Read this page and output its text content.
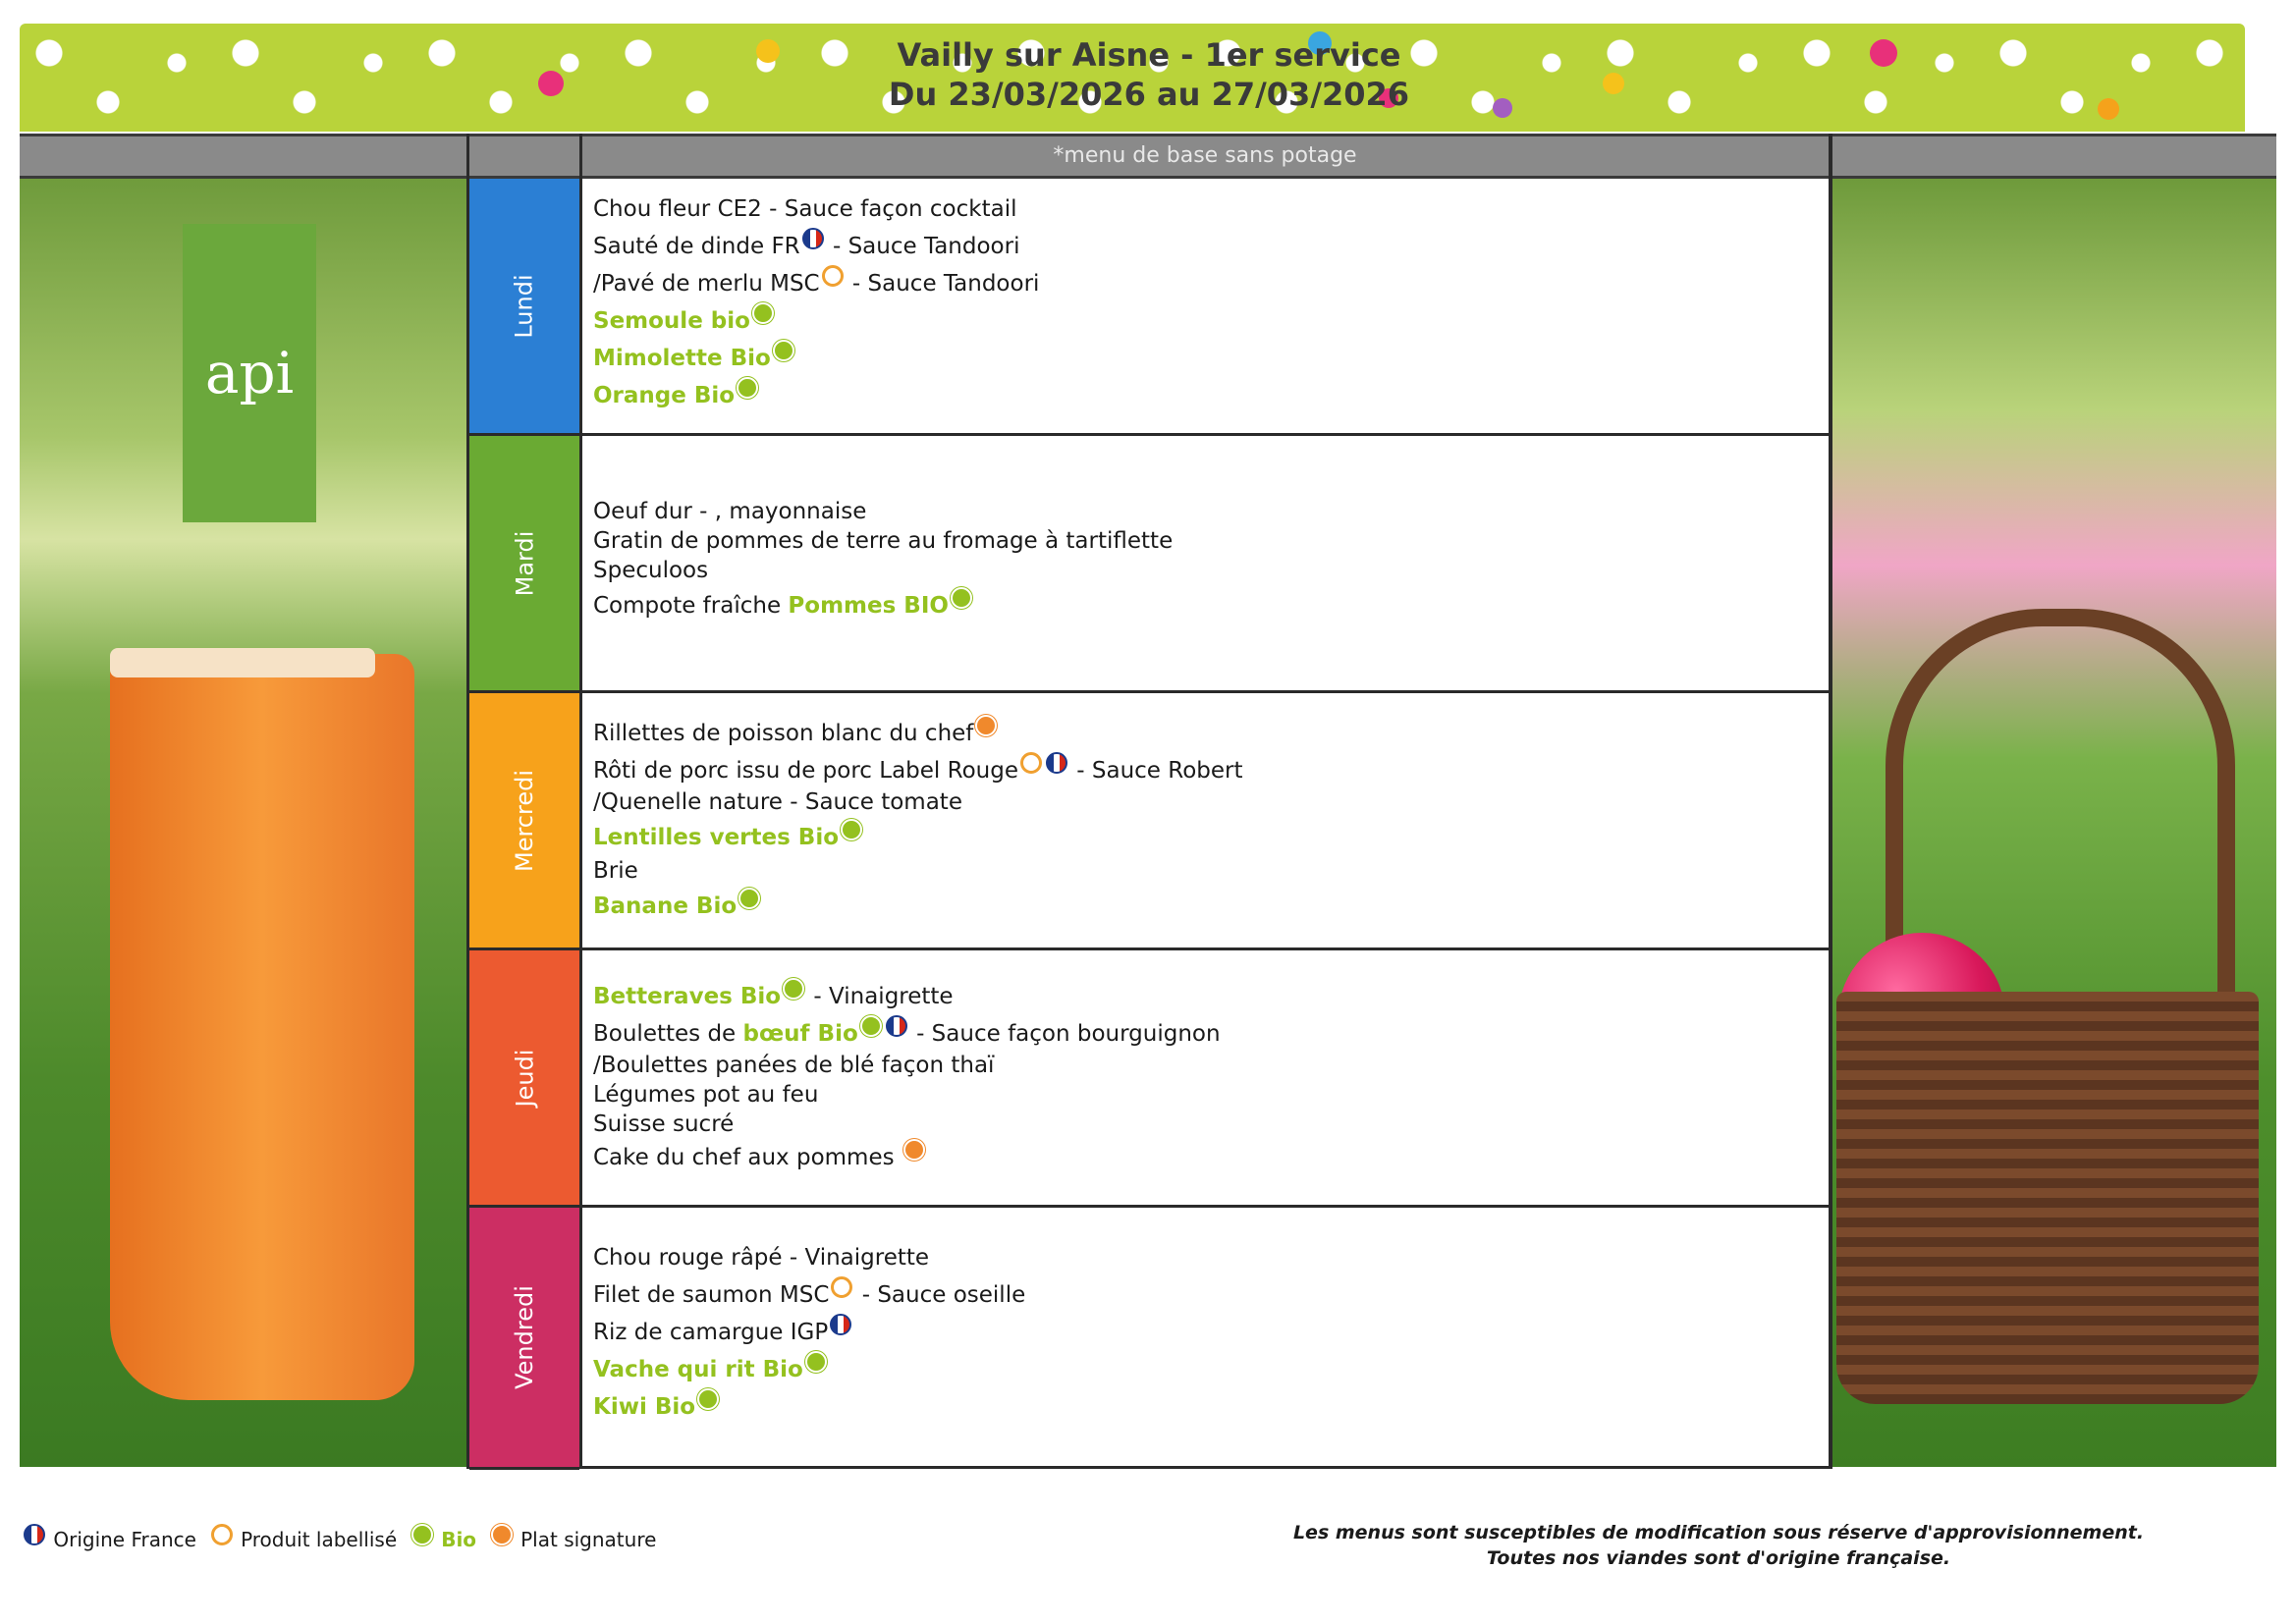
Vailly sur Aisne - 1er service
Du 23/03/2026 au 27/03/2026
*menu de base sans potage
api
Lundi
Mardi
Mercredi
Jeudi
Vendredi
Chou fleur CE2 - Sauce façon cocktail
Sauté de dinde FR - Sauce Tandoori
/Pavé de merlu MSC - Sauce Tandoori
Semoule bio
Mimolette Bio
Orange Bio
Oeuf dur - , mayonnaise
Gratin de pommes de terre au fromage à tartiflette
Speculoos
Compote fraîche Pommes BIO
Rillettes de poisson blanc du chef
Rôti de porc issu de porc Label Rouge - Sauce Robert
/Quenelle nature - Sauce tomate
Lentilles vertes Bio
Brie
Banane Bio
Betteraves Bio - Vinaigrette
Boulettes de bœuf Bio - Sauce façon bourguignon
/Boulettes panées de blé façon thaï
Légumes pot au feu
Suisse sucré
Cake du chef aux pommes
Chou rouge râpé - Vinaigrette
Filet de saumon MSC - Sauce oseille
Riz de camargue IGP
Vache qui rit Bio
Kiwi Bio
Origine France Produit labellisé Bio Plat signature	Les menus sont susceptibles de modification sous réserve d'approvisionnement.
Toutes nos viandes sont d'origine française.
